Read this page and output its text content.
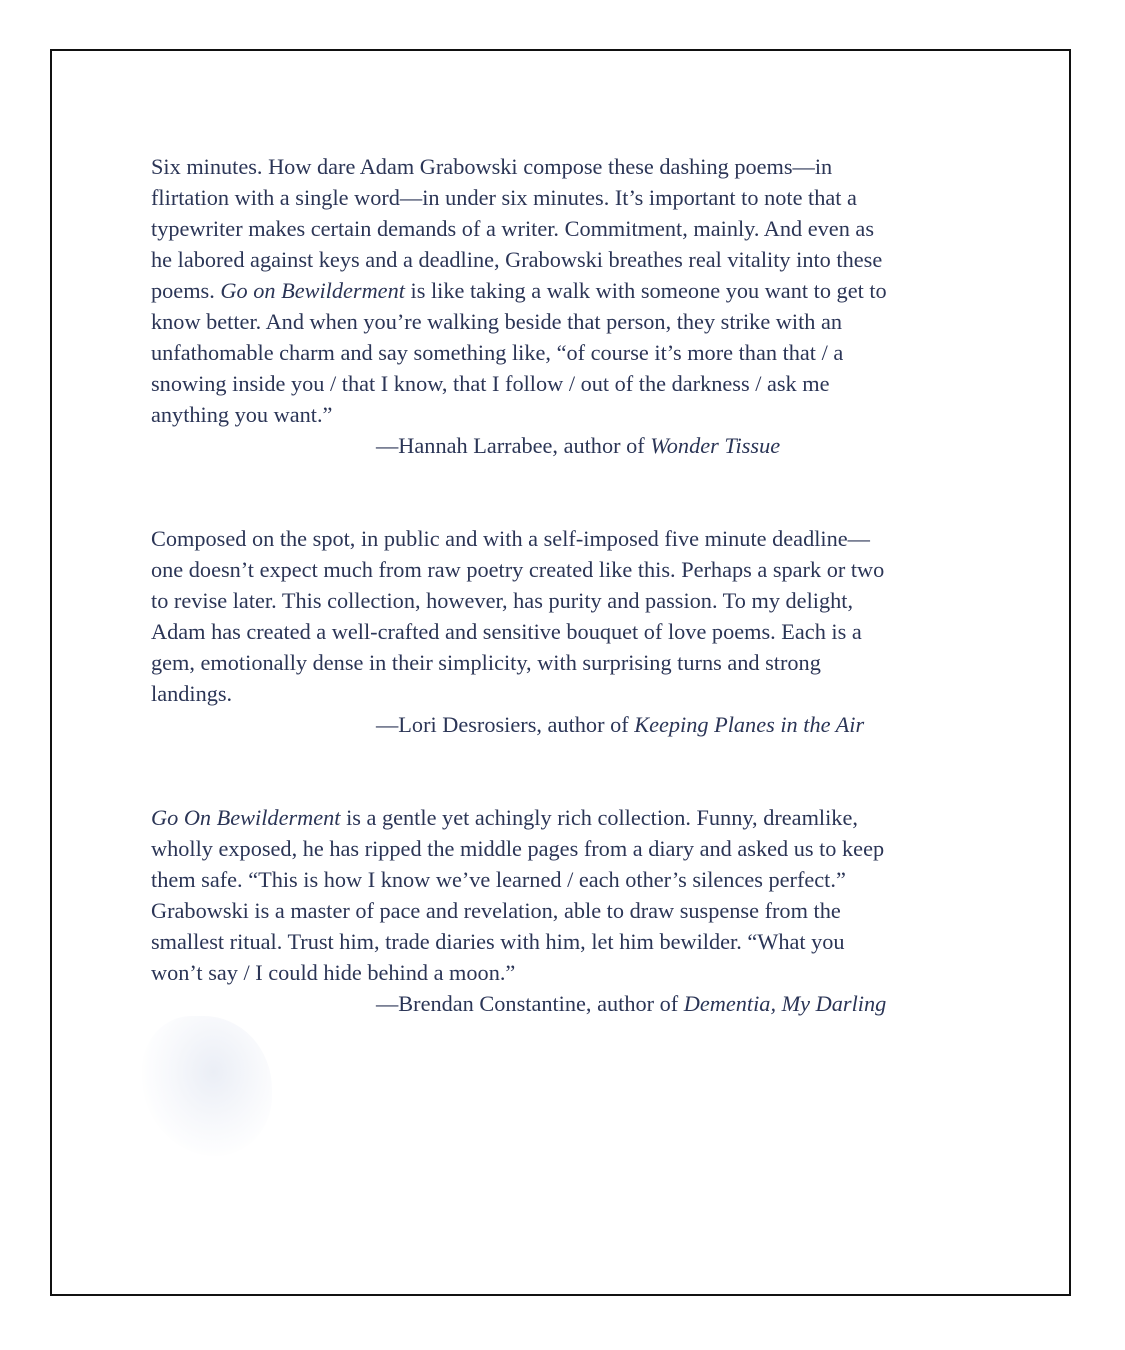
Six minutes. How dare Adam Grabowski compose these dashing poems—in

flirtation with a single word—in under six minutes. It’s important to note that a

typewriter makes certain demands of a writer. Commitment, mainly. And even as

he labored against keys and a deadline, Grabowski breathes real vitality into these

poems. Go on Bewilderment is like taking a walk with someone you want to get to

know better. And when you’re walking beside that person, they strike with an

unfathomable charm and say something like, “of course it’s more than that / a

snowing inside you / that I know, that I follow / out of the darkness / ask me

anything you want.”

—Hannah Larrabee, author of Wonder Tissue

Composed on the spot, in public and with a self-imposed five minute deadline—

one doesn’t expect much from raw poetry created like this. Perhaps a spark or two

to revise later. This collection, however, has purity and passion. To my delight,

Adam has created a well-crafted and sensitive bouquet of love poems. Each is a

gem, emotionally dense in their simplicity, with surprising turns and strong

landings.

—Lori Desrosiers, author of Keeping Planes in the Air

Go On Bewilderment is a gentle yet achingly rich collection. Funny, dreamlike,

wholly exposed, he has ripped the middle pages from a diary and asked us to keep

them safe. “This is how I know we’ve learned / each other’s silences perfect.”

Grabowski is a master of pace and revelation, able to draw suspense from the

smallest ritual. Trust him, trade diaries with him, let him bewilder. “What you

won’t say / I could hide behind a moon.”

—Brendan Constantine, author of Dementia, My Darling
